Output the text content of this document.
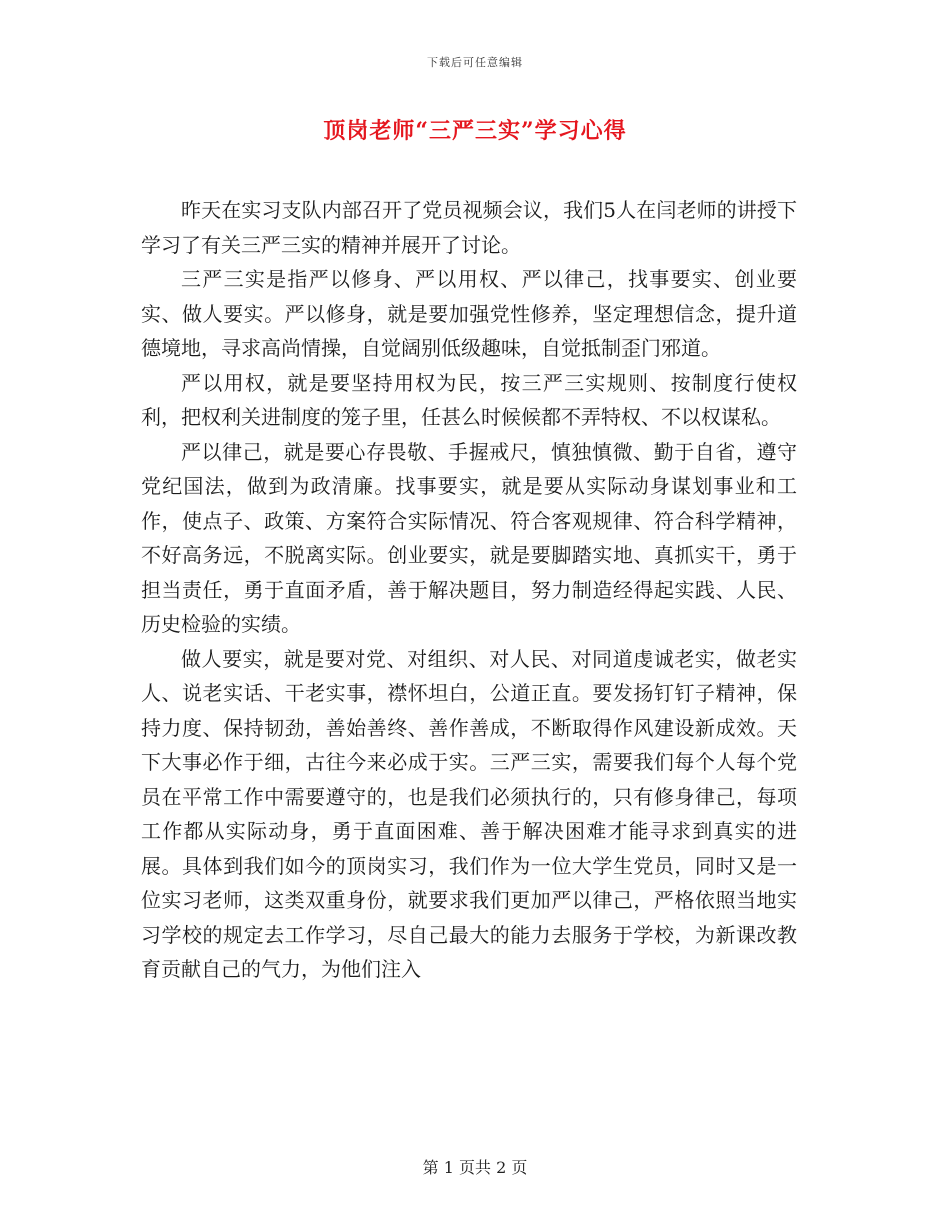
下载后可任意编辑
顶岗老师“三严三实”学习心得

昨天在实习支队内部召开了党员视频会议，我们5人在闫老师的讲授下学习了有关三严三实的精神并展开了讨论。

三严三实是指严以修身、严以用权、严以律己，找事要实、创业要实、做人要实。严以修身，就是要加强党性修养，坚定理想信念，提升道德境地，寻求高尚情操，自觉阔别低级趣味，自觉抵制歪门邪道。

严以用权，就是要坚持用权为民，按三严三实规则、按制度行使权利，把权利关进制度的笼子里，任甚么时候候都不弄特权、不以权谋私。

严以律己，就是要心存畏敬、手握戒尺，慎独慎微、勤于自省，遵守党纪国法，做到为政清廉。找事要实，就是要从实际动身谋划事业和工作，使点子、政策、方案符合实际情况、符合客观规律、符合科学精神，不好高务远，不脱离实际。创业要实，就是要脚踏实地、真抓实干，勇于担当责任，勇于直面矛盾，善于解决题目，努力制造经得起实践、人民、历史检验的实绩。

做人要实，就是要对党、对组织、对人民、对同道虔诚老实，做老实人、说老实话、干老实事，襟怀坦白，公道正直。要发扬钉钉子精神，保持力度、保持韧劲，善始善终、善作善成，不断取得作风建设新成效。天下大事必作于细，古往今来必成于实。三严三实，需要我们每个人每个党员在平常工作中需要遵守的，也是我们必须执行的，只有修身律己，每项工作都从实际动身，勇于直面困难、善于解决困难才能寻求到真实的进展。具体到我们如今的顶岗实习，我们作为一位大学生党员，同时又是一位实习老师，这类双重身份，就要求我们更加严以律己，严格依照当地实习学校的规定去工作学习，尽自己最大的能力去服务于学校，为新课改教育贡献自己的气力，为他们注入

第 1 页共 2 页
